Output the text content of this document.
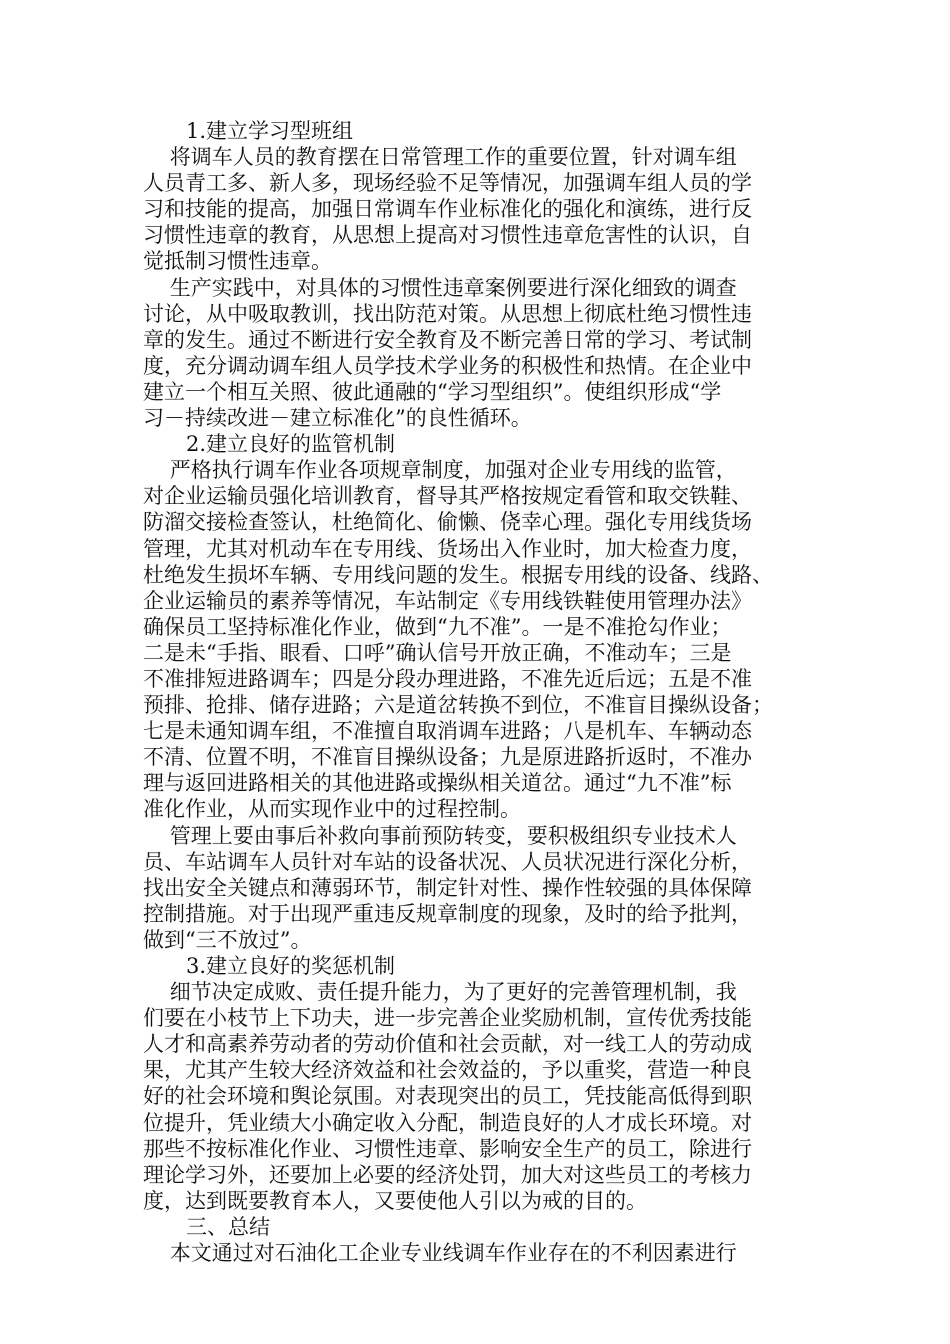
1.建立学习型班组
将调车人员的教育摆在日常管理工作的重要位置，针对调车组
人员青工多、新人多，现场经验不足等情况，加强调车组人员的学
习和技能的提高，加强日常调车作业标准化的强化和演练，进行反
习惯性违章的教育，从思想上提高对习惯性违章危害性的认识，自
觉抵制习惯性违章。
生产实践中，对具体的习惯性违章案例要进行深化细致的调查
讨论，从中吸取教训，找出防范对策。从思想上彻底杜绝习惯性违
章的发生。通过不断进行安全教育及不断完善日常的学习、考试制
度，充分调动调车组人员学技术学业务的积极性和热情。在企业中
建立一个相互关照、彼此通融的“学习型组织”。使组织形成“学
习－持续改进－建立标准化”的良性循环。
2.建立良好的监管机制
严格执行调车作业各项规章制度，加强对企业专用线的监管，
对企业运输员强化培训教育，督导其严格按规定看管和取交铁鞋、
防溜交接检查签认，杜绝简化、偷懒、侥幸心理。强化专用线货场
管理，尤其对机动车在专用线、货场出入作业时，加大检查力度，
杜绝发生损坏车辆、专用线问题的发生。根据专用线的设备、线路、
企业运输员的素养等情况，车站制定《专用线铁鞋使用管理办法》
确保员工坚持标准化作业，做到“九不准”。一是不准抢勾作业；
二是未“手指、眼看、口呼”确认信号开放正确，不准动车；三是
不准排短进路调车；四是分段办理进路，不准先近后远；五是不准
预排、抢排、储存进路；六是道岔转换不到位，不准盲目操纵设备；
七是未通知调车组，不准擅自取消调车进路；八是机车、车辆动态
不清、位置不明，不准盲目操纵设备；九是原进路折返时，不准办
理与返回进路相关的其他进路或操纵相关道岔。通过“九不准”标
准化作业，从而实现作业中的过程控制。
管理上要由事后补救向事前预防转变，要积极组织专业技术人
员、车站调车人员针对车站的设备状况、人员状况进行深化分析，
找出安全关键点和薄弱环节，制定针对性、操作性较强的具体保障
控制措施。对于出现严重违反规章制度的现象，及时的给予批判，
做到“三不放过”。
3.建立良好的奖惩机制
细节决定成败、责任提升能力，为了更好的完善管理机制，我
们要在小枝节上下功夫，进一步完善企业奖励机制，宣传优秀技能
人才和高素养劳动者的劳动价值和社会贡献，对一线工人的劳动成
果，尤其产生较大经济效益和社会效益的，予以重奖，营造一种良
好的社会环境和舆论氛围。对表现突出的员工，凭技能高低得到职
位提升，凭业绩大小确定收入分配，制造良好的人才成长环境。对
那些不按标准化作业、习惯性违章、影响安全生产的员工，除进行
理论学习外，还要加上必要的经济处罚，加大对这些员工的考核力
度，达到既要教育本人，又要使他人引以为戒的目的。
三、总结
本文通过对石油化工企业专业线调车作业存在的不利因素进行
